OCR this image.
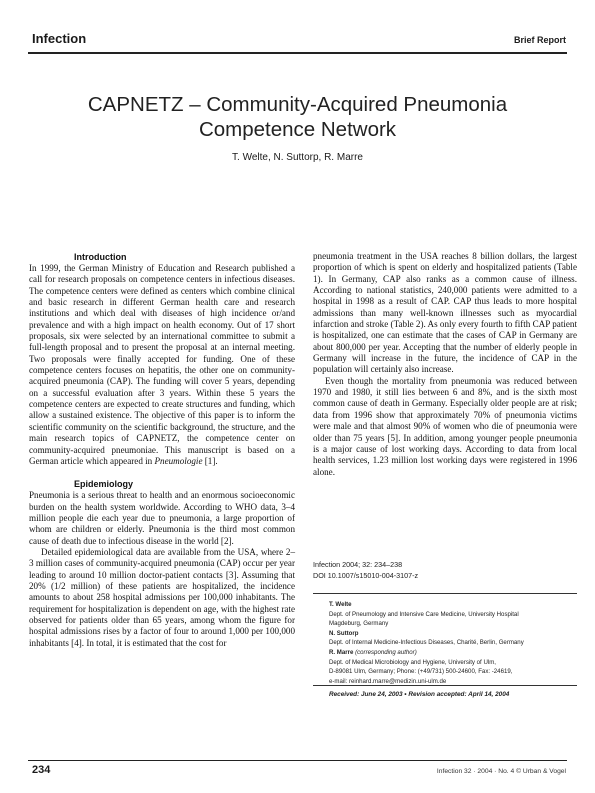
Infection	Brief Report
CAPNETZ – Community-Acquired Pneumonia Competence Network
T. Welte, N. Suttorp, R. Marre

Introduction

In 1999, the German Ministry of Education and Research published a call for research proposals on competence centers in infectious diseases. The competence centers were defined as centers which combine clinical and basic research in different German health care and research institutions and which deal with diseases of high incidence or/and prevalence and with a high impact on health economy. Out of 17 short proposals, six were selected by an international committee to submit a full-length proposal and to present the proposal at an internal meeting. Two proposals were finally accepted for funding. One of these competence centers focuses on hepatitis, the other one on community-acquired pneumonia (CAP). The funding will cover 5 years, depending on a successful evaluation after 3 years. Within these 5 years the competence centers are expected to create structures and funding, which allow a sustained existence. The objective of this paper is to inform the scientific community on the scientific background, the structure, and the main research topics of CAPNETZ, the competence center on community-acquired pneumoniae. This manuscript is based on a German article which appeared in Pneumologie [1].

Epidemiology

Pneumonia is a serious threat to health and an enormous socioeconomic burden on the health system worldwide. According to WHO data, 3–4 million people die each year due to pneumonia, a large proportion of whom are children or elderly. Pneumonia is the third most common cause of death due to infectious disease in the world [2].

Detailed epidemiological data are available from the USA, where 2–3 million cases of community-acquired pneumonia (CAP) occur per year leading to around 10 million doctor-patient contacts [3]. Assuming that 20% (1/2 million) of these patients are hospitalized, the incidence amounts to about 258 hospital admissions per 100,000 inhabitants. The requirement for hospitalization is dependent on age, with the highest rate observed for patients older than 65 years, among whom the figure for hospital admissions rises by a factor of four to around 1,000 per 100,000 inhabitants [4]. In total, it is estimated that the cost for

pneumonia treatment in the USA reaches 8 billion dollars, the largest proportion of which is spent on elderly and hospitalized patients (Table 1). In Germany, CAP also ranks as a common cause of illness. According to national statistics, 240,000 patients were admitted to a hospital in 1998 as a result of CAP. CAP thus leads to more hospital admissions than many well-known illnesses such as myocardial infarction and stroke (Table 2). As only every fourth to fifth CAP patient is hospitalized, one can estimate that the cases of CAP in Germany are about 800,000 per year. Accepting that the number of elderly people in Germany will increase in the future, the incidence of CAP in the population will certainly also increase.

Even though the mortality from pneumonia was reduced between 1970 and 1980, it still lies between 6 and 8%, and is the sixth most common cause of death in Germany. Especially older people are at risk; data from 1996 show that approximately 70% of pneumonia victims were male and that almost 90% of women who die of pneumonia were older than 75 years [5]. In addition, among younger people pneumonia is a major cause of lost working days. According to data from local health services, 1.23 million lost working days were registered in 1996 alone.

Infection 2004; 32: 234–238
DOI 10.1007/s15010-004-3107-z
T. Welte
Dept. of Pneumology and Intensive Care Medicine, University Hospital
Magdeburg, Germany
N. Suttorp
Dept. of Internal Medicine-Infectious Diseases, Charité, Berlin, Germany
R. Marre (corresponding author)
Dept. of Medical Microbiology and Hygiene, University of Ulm,
D-89081 Ulm, Germany; Phone: (+49/731) 500-24600, Fax: -24619,
e-mail: reinhard.marre@medizin.uni-ulm.de
Received: June 24, 2003 • Revision accepted: April 14, 2004
234	Infection 32 · 2004 · No. 4 © Urban & Vogel
